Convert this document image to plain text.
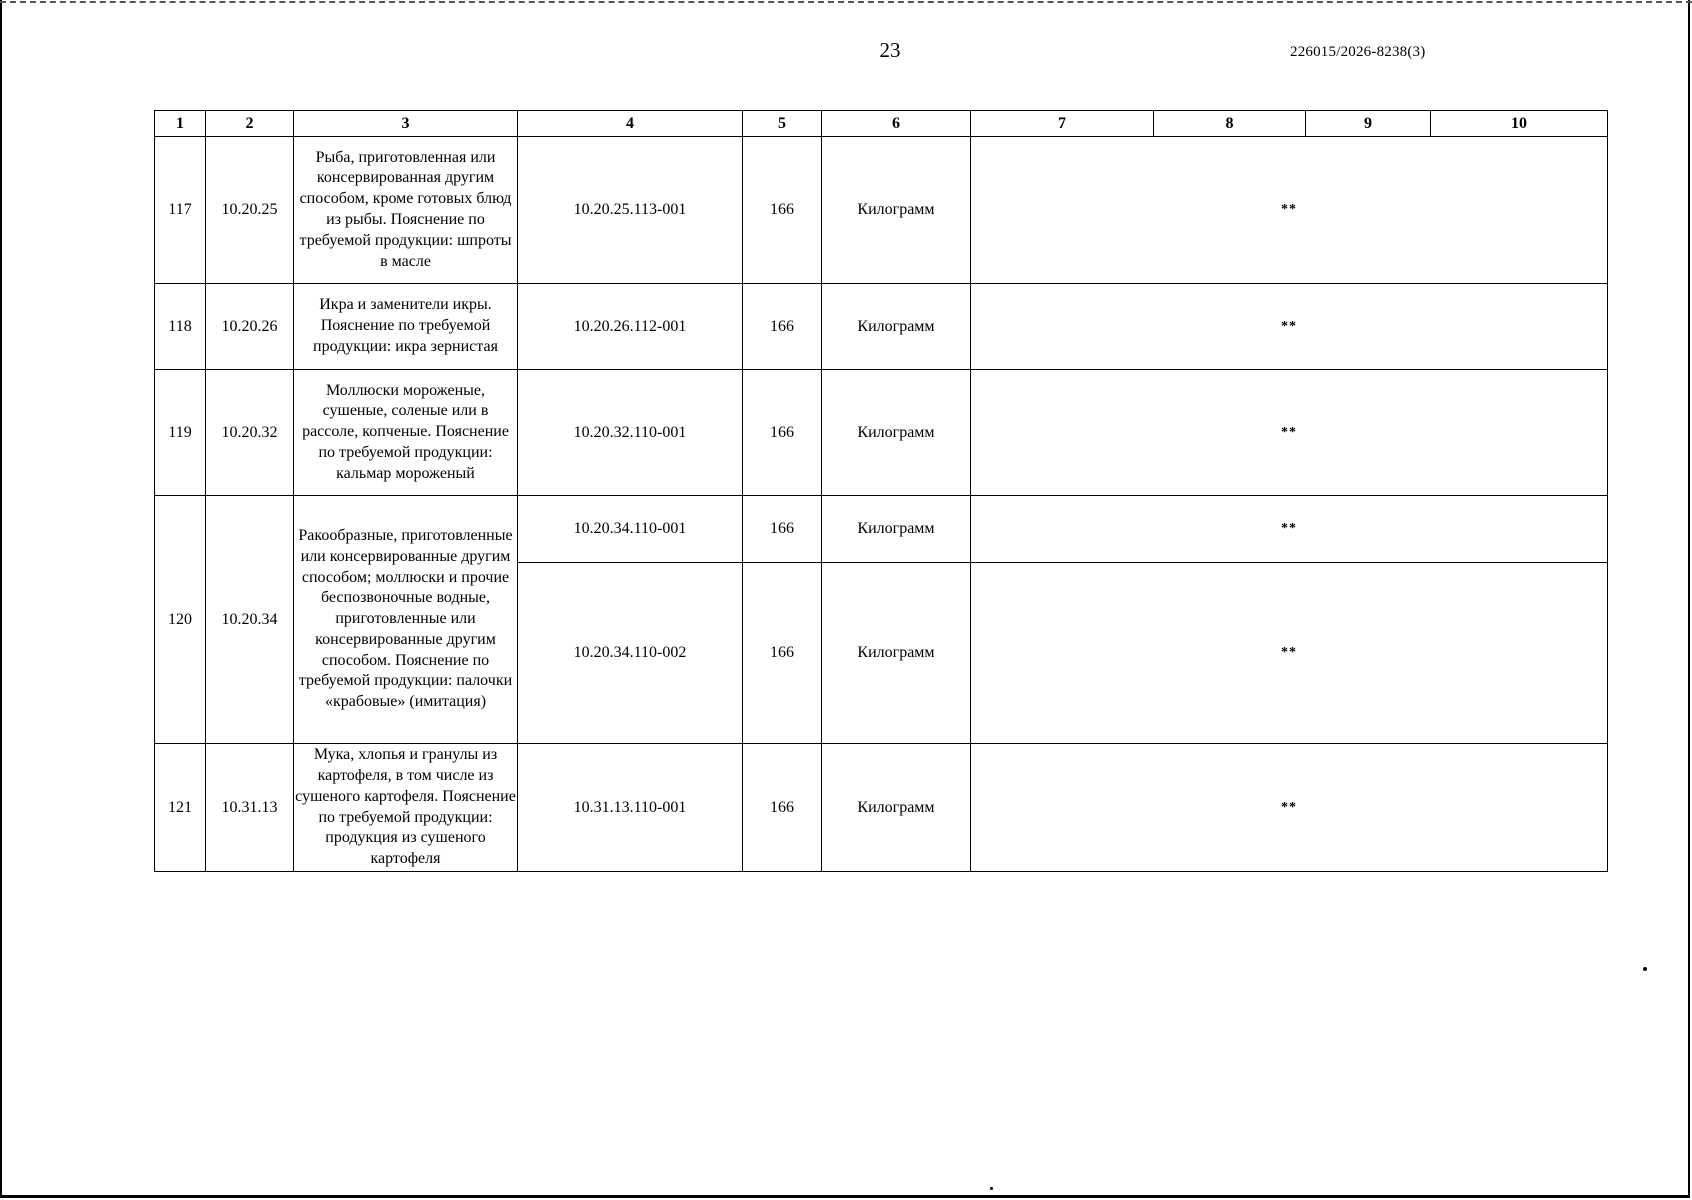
23	226015/2026-8238(3)
1	2	3	4	5	6	7	8	9	10
117	10.20.25	Рыба, приготовленная или консервированная другим способом, кроме готовых блюд из рыбы. Пояснение по требуемой продукции: шпроты в масле	10.20.25.113-001	166	Килограмм	**			
118	10.20.26	Икра и заменители икры. Пояснение по требуемой продукции: икра зернистая	10.20.26.112-001	166	Килограмм	**			
119	10.20.32	Моллюски мороженые, сушеные, соленые или в рассоле, копченые. Пояснение по требуемой продукции: кальмар мороженый	10.20.32.110-001	166	Килограмм	**			
120	10.20.34	Ракообразные, приготовленные или консервированные другим способом; моллюски и прочие беспозвоночные водные, приготовленные или консервированные другим способом. Пояснение по требуемой продукции: палочки «крабовые» (имитация)	10.20.34.110-001	166	Килограмм	**			
			10.20.34.110-002	166	Килограмм	**			
121	10.31.13	Мука, хлопья и гранулы из картофеля, в том числе из сушеного картофеля. Пояснение по требуемой продукции: продукция из сушеного картофеля	10.31.13.110-001	166	Килограмм	**			
